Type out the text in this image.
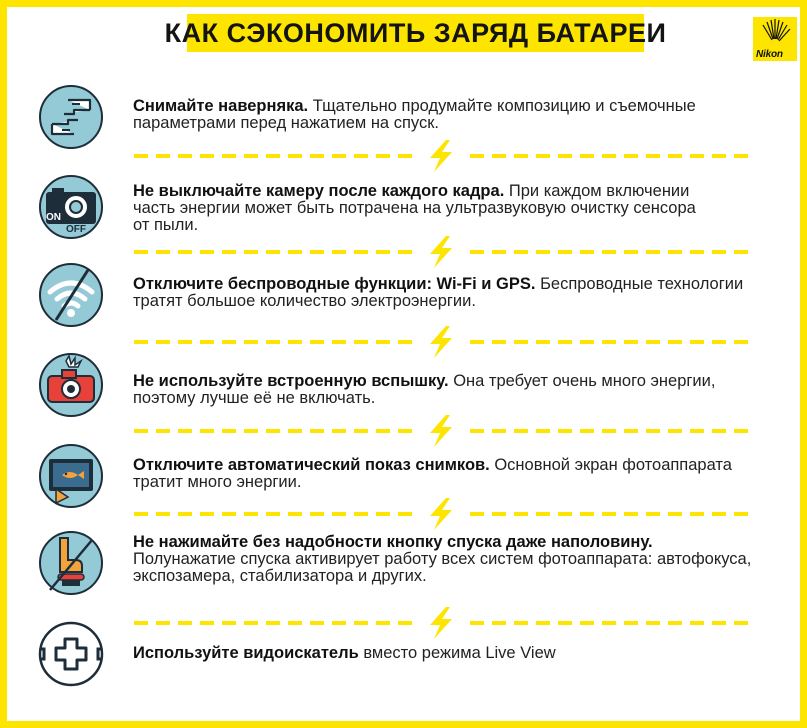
КАК СЭКОНОМИТЬ ЗАРЯД БАТАРЕИ
Nikon
Снимайте наверняка. Тщательно продумайте композицию и съемочные
параметрами перед нажатием на спуск.
ON
OFF
Не выключайте камеру после каждого кадра. При каждом включении
часть энергии может быть потрачена на ультразвуковую очистку сенсора
от пыли.
Отключите беспроводные функции: Wi-Fi и GPS. Беспроводные технологии
тратят большое количество электроэнергии.
Не используйте встроенную вспышку. Она требует очень много энергии,
поэтому лучше её не включать.
Отключите автоматический показ снимков. Основной экран фотоаппарата
тратит много энергии.
Не нажимайте без надобности кнопку спуска даже наполовину.
Полунажатие спуска активирует работу всех систем фотоаппарата: автофокуса,
экспозамера, стабилизатора и других.
Используйте видоискатель вместо режима Live View
